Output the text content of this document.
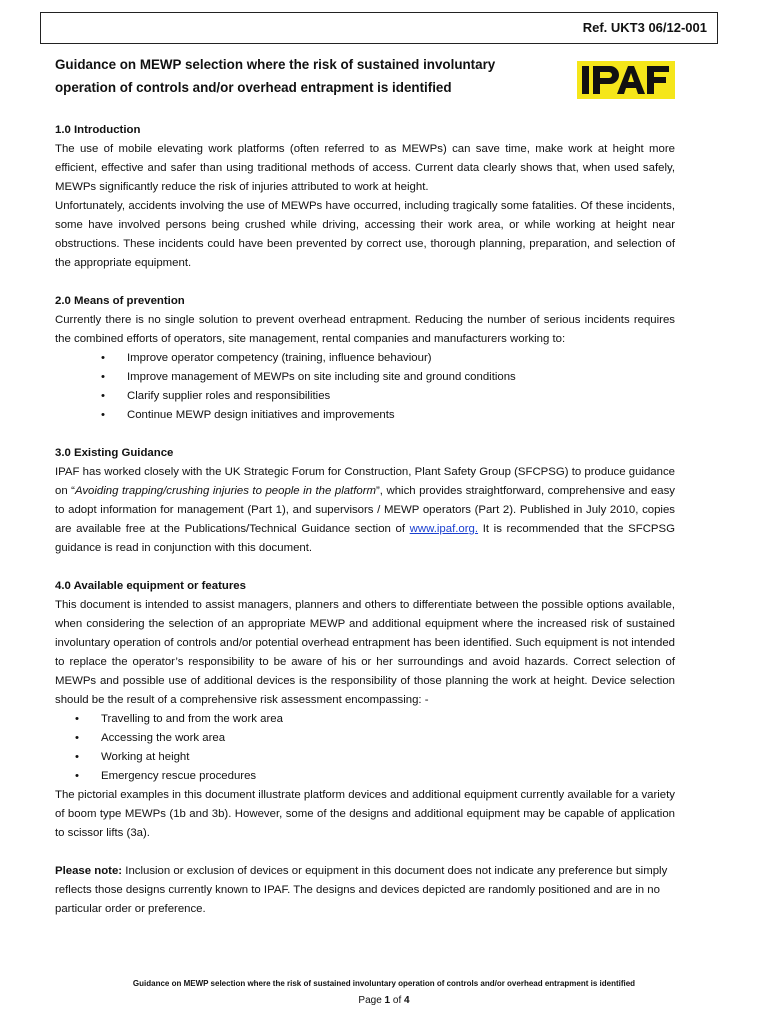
Ref. UKT3 06/12-001
Guidance on MEWP selection where the risk of sustained involuntary operation of controls and/or overhead entrapment is identified

1.0 Introduction

The use of mobile elevating work platforms (often referred to as MEWPs) can save time, make work at height more efficient, effective and safer than using traditional methods of access. Current data clearly shows that, when used safely, MEWPs significantly reduce the risk of injuries attributed to work at height.

Unfortunately, accidents involving the use of MEWPs have occurred, including tragically some fatalities. Of these incidents, some have involved persons being crushed while driving, accessing their work area, or while working at height near obstructions. These incidents could have been prevented by correct use, thorough planning, preparation, and selection of the appropriate equipment.

2.0 Means of prevention

Currently there is no single solution to prevent overhead entrapment. Reducing the number of serious incidents requires the combined efforts of operators, site management, rental companies and manufacturers working to:

• Improve operator competency (training, influence behaviour)
• Improve management of MEWPs on site including site and ground conditions
• Clarify supplier roles and responsibilities
• Continue MEWP design initiatives and improvements

3.0 Existing Guidance

IPAF has worked closely with the UK Strategic Forum for Construction, Plant Safety Group (SFCPSG) to produce guidance on “Avoiding trapping/crushing injuries to people in the platform”, which provides straightforward, comprehensive and easy to adopt information for management (Part 1), and supervisors / MEWP operators (Part 2). Published in July 2010, copies are available free at the Publications/Technical Guidance section of www.ipaf.org. It is recommended that the SFCPSG guidance is read in conjunction with this document.

4.0 Available equipment or features

This document is intended to assist managers, planners and others to differentiate between the possible options available, when considering the selection of an appropriate MEWP and additional equipment where the increased risk of sustained involuntary operation of controls and/or potential overhead entrapment has been identified. Such equipment is not intended to replace the operator’s responsibility to be aware of his or her surroundings and avoid hazards. Correct selection of MEWPs and possible use of additional devices is the responsibility of those planning the work at height. Device selection should be the result of a comprehensive risk assessment encompassing: -

• Travelling to and from the work area
• Accessing the work area
• Working at height
• Emergency rescue procedures

The pictorial examples in this document illustrate platform devices and additional equipment currently available for a variety of boom type MEWPs (1b and 3b). However, some of the designs and additional equipment may be capable of application to scissor lifts (3a).

Please note: Inclusion or exclusion of devices or equipment in this document does not indicate any preference but simply reflects those designs currently known to IPAF. The designs and devices depicted are randomly positioned and are in no particular order or preference.

Guidance on MEWP selection where the risk of sustained involuntary operation of controls and/or overhead entrapment is identified
Page 1 of 4
